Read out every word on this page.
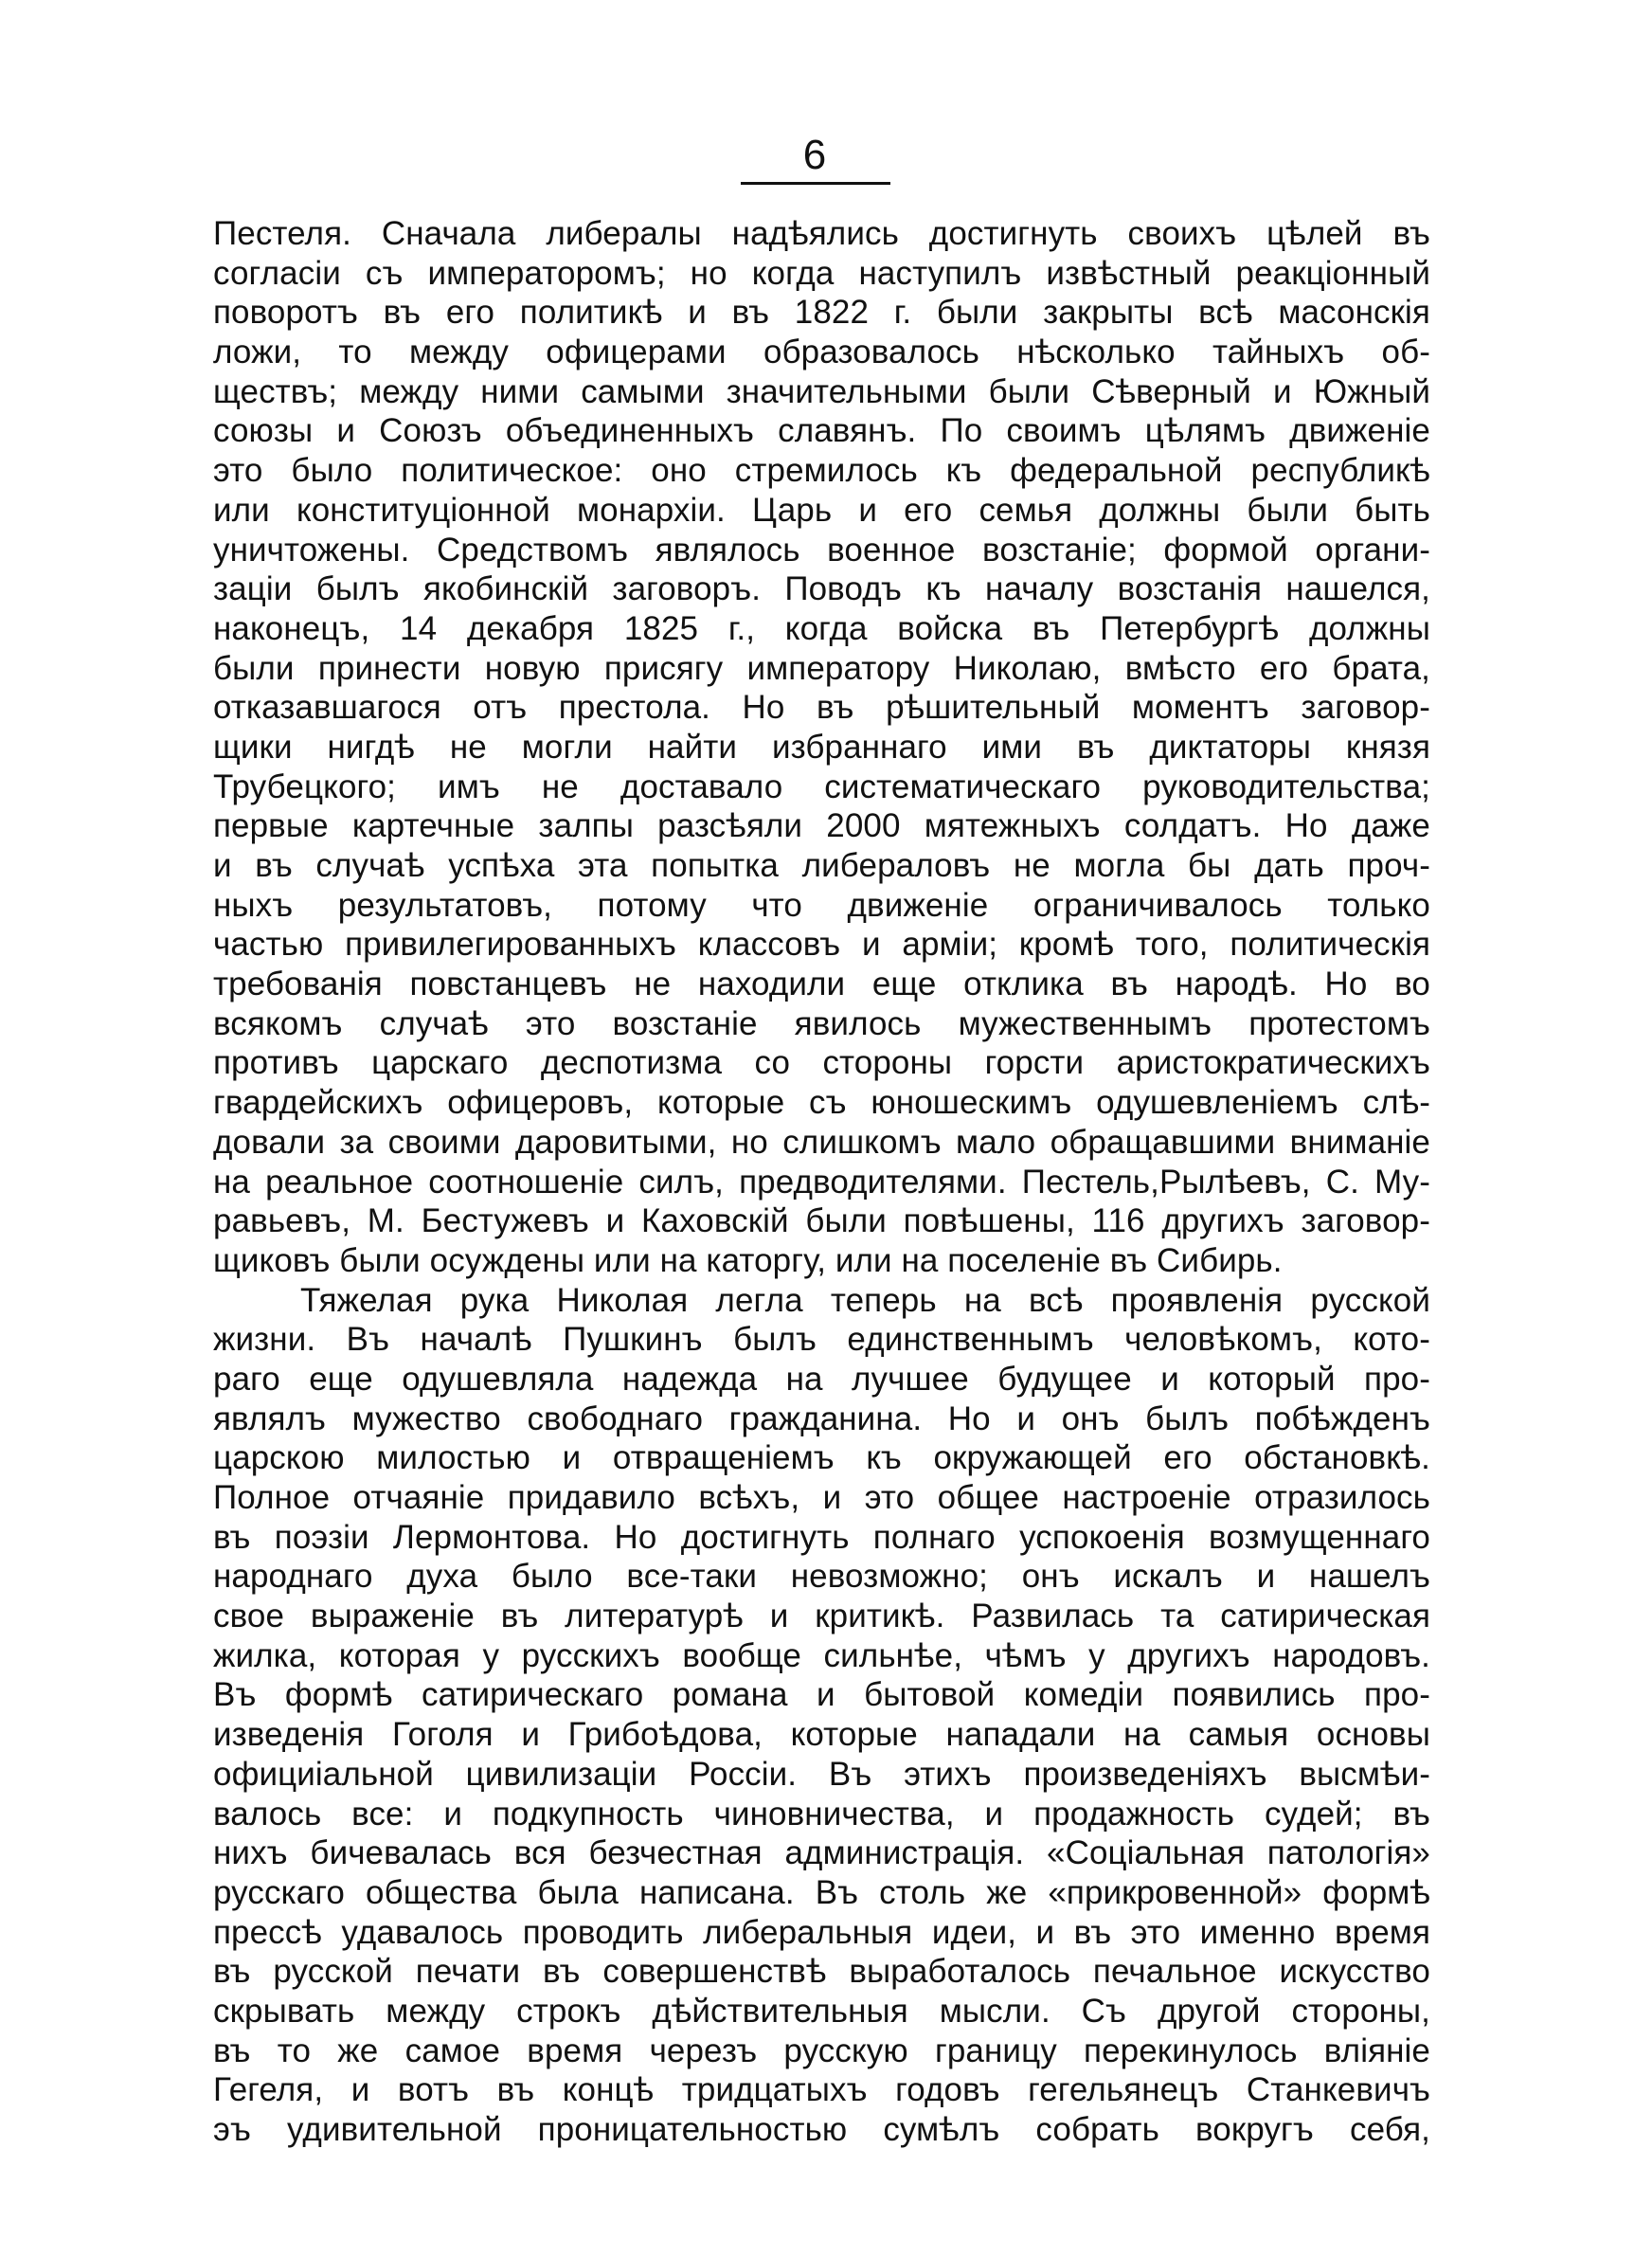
6
Пестеля. Сначала либералы надѣялись достигнуть своихъ цѣлей въ
согласіи съ императоромъ; но когда наступилъ извѣстный реакціонный
поворотъ въ его политикѣ и въ 1822 г. были закрыты всѣ масонскія
ложи, то между офицерами образовалось нѣсколько тайныхъ об-
ществъ; между ними самыми значительными были Сѣверный и Южный
союзы и Союзъ объединенныхъ славянъ. По своимъ цѣлямъ движеніе
это было политическое: оно стремилось къ федеральной республикѣ
или конституціонной монархіи. Царь и его семья должны были быть
уничтожены. Средствомъ являлось военное возстаніе; формой органи-
заціи былъ якобинскій заговоръ. Поводъ къ началу возстанія нашелся,
наконецъ, 14 декабря 1825 г., когда войска въ Петербургѣ должны
были принести новую присягу императору Николаю, вмѣсто его брата,
отказавшагося отъ престола. Но въ рѣшительный моментъ заговор-
щики нигдѣ не могли найти избраннаго ими въ диктаторы князя
Трубецкого; имъ не доставало систематическаго руководительства;
первые картечные залпы разсѣяли 2000 мятежныхъ солдатъ. Но даже
и въ случаѣ успѣха эта попытка либераловъ не могла бы дать проч-
ныхъ результатовъ, потому что движеніе ограничивалось только
частью привилегированныхъ классовъ и арміи; кромѣ того, политическія
требованія повстанцевъ не находили еще отклика въ народѣ. Но во
всякомъ случаѣ это возстаніе явилось мужественнымъ протестомъ
противъ царскаго деспотизма со стороны горсти аристократическихъ
гвардейскихъ офицеровъ, которые съ юношескимъ одушевленіемъ слѣ-
довали за своими даровитыми, но слишкомъ мало обращавшими вниманіе
на реальное соотношеніе силъ, предводителями. Пестель,Рылѣевъ, С. Му-
равьевъ, М. Бестужевъ и Каховскій были повѣшены, 116 другихъ заговор-
щиковъ были осуждены или на каторгу, или на поселеніе въ Сибирь.
Тяжелая рука Николая легла теперь на всѣ проявленія русской
жизни. Въ началѣ Пушкинъ былъ единственнымъ человѣкомъ, кото-
раго еще одушевляла надежда на лучшее будущее и который про-
являлъ мужество свободнаго гражданина. Но и онъ былъ побѣжденъ
царскою милостью и отвращеніемъ къ окружающей его обстановкѣ.
Полное отчаяніе придавило всѣхъ, и это общее настроеніе отразилось
въ поэзіи Лермонтова. Но достигнуть полнаго успокоенія возмущеннаго
народнаго духа было все-таки невозможно; онъ искалъ и нашелъ
свое выраженіе въ литературѣ и критикѣ. Развилась та сатирическая
жилка, которая у русскихъ вообще сильнѣе, чѣмъ у другихъ народовъ.
Въ формѣ сатирическаго романа и бытовой комедіи появились про-
изведенія Гоголя и Грибоѣдова, которые нападали на самыя основы
официіальной цивилизаціи Россіи. Въ этихъ произведеніяхъ высмѣи-
валось все: и подкупность чиновничества, и продажность судей; въ
нихъ бичевалась вся безчестная администрація. «Соціальная патологія»
русскаго общества была написана. Въ столь же «прикровенной» формѣ
прессѣ удавалось проводить либеральныя идеи, и въ это именно время
въ русской печати въ совершенствѣ выработалось печальное искусство
скрывать между строкъ дѣйствительныя мысли. Съ другой стороны,
въ то же самое время черезъ русскую границу перекинулось вліяніе
Гегеля, и вотъ въ концѣ тридцатыхъ годовъ гегельянецъ Станкевичъ
эъ удивительной проницательностью сумѣлъ собрать вокругъ себя,
